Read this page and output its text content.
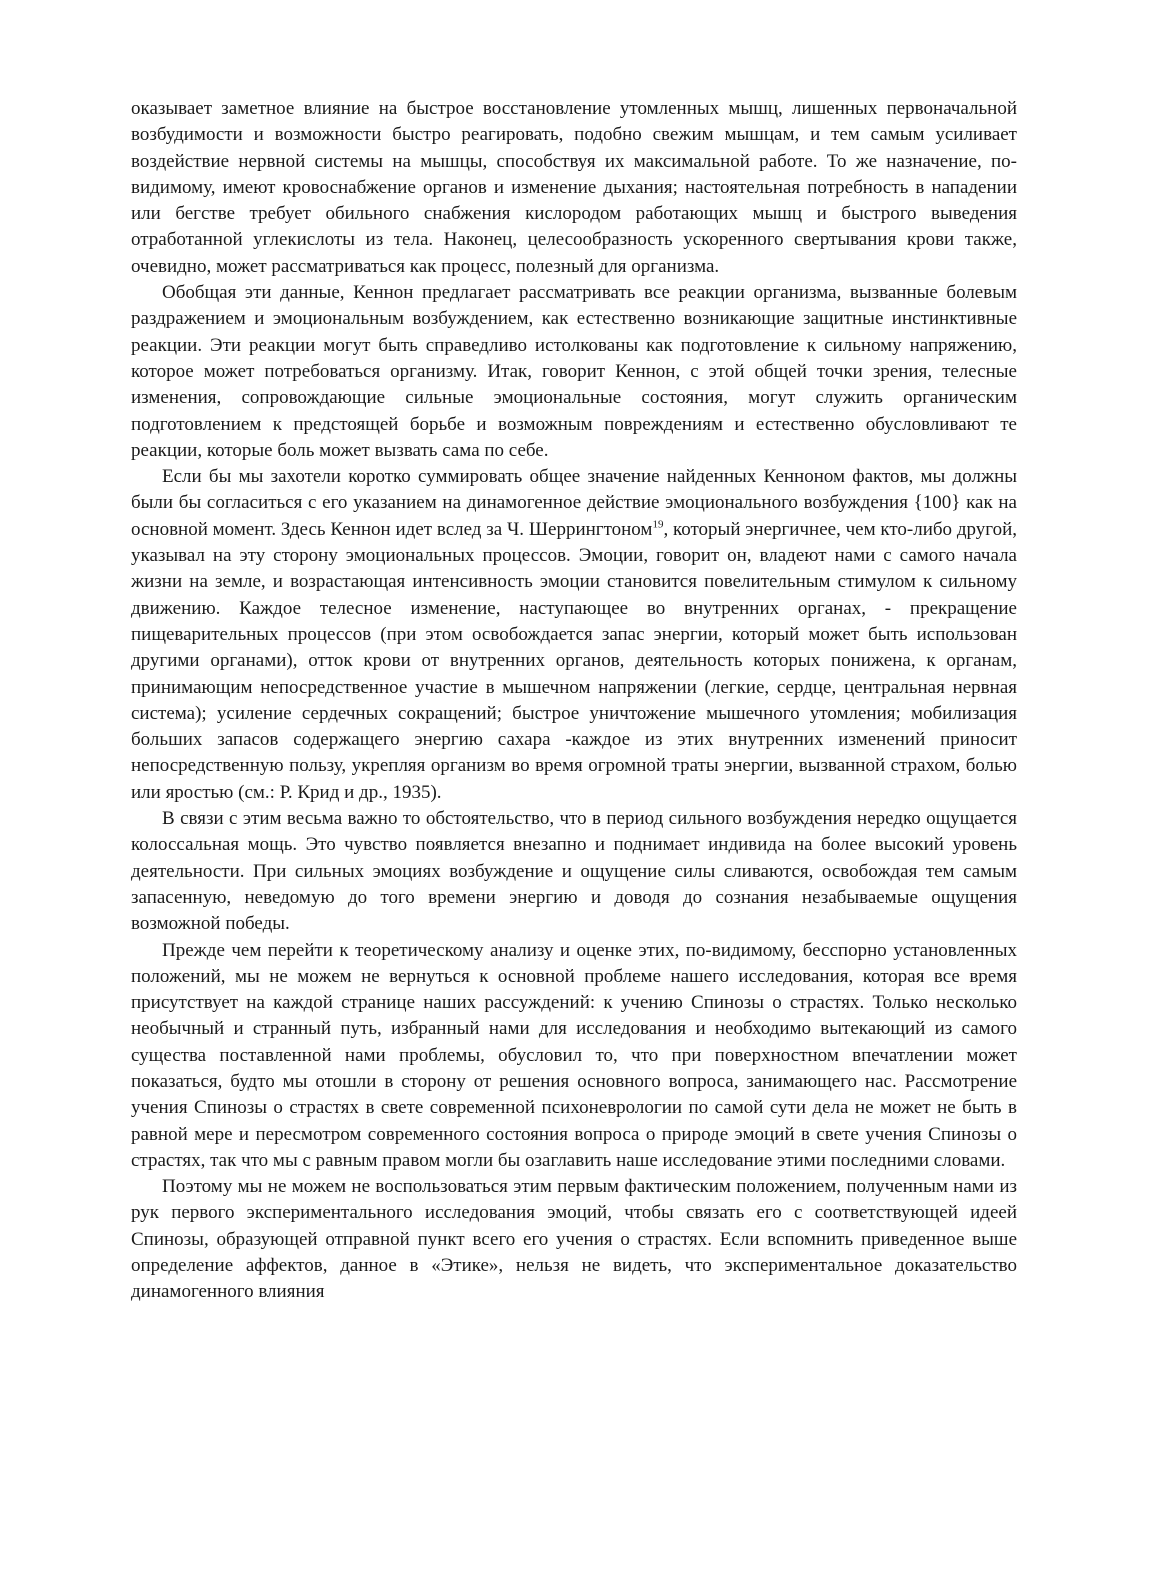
оказывает заметное влияние на быстрое восстановление утомленных мышц, лишенных первоначальной возбудимости и возможности быстро реагировать, подобно свежим мышцам, и тем самым усиливает воздействие нервной системы на мышцы, способствуя их максимальной работе. То же назначение, по-видимому, имеют кровоснабжение органов и изменение дыхания; настоятельная потребность в нападении или бегстве требует обильного снабжения кислородом работающих мышц и быстрого выведения отработанной углекислоты из тела. Наконец, целесообразность ускоренного свертывания крови также, очевидно, может рассматриваться как процесс, полезный для организма.

Обобщая эти данные, Кеннон предлагает рассматривать все реакции организма, вызванные болевым раздражением и эмоциональным возбуждением, как естественно возникающие защитные инстинктивные реакции. Эти реакции могут быть справедливо истолкованы как подготовление к сильному напряжению, которое может потребоваться организму. Итак, говорит Кеннон, с этой общей точки зрения, телесные изменения, сопровождающие сильные эмоциональные состояния, могут служить органическим подготовлением к предстоящей борьбе и возможным повреждениям и естественно обусловливают те реакции, которые боль может вызвать сама по себе.

Если бы мы захотели коротко суммировать общее значение найденных Кенноном фактов, мы должны были бы согласиться с его указанием на динамогенное действие эмоционального возбуждения {100} как на основной момент. Здесь Кеннон идет вслед за Ч. Шеррингтоном$^{19}$, который энергичнее, чем кто-либо другой, указывал на эту сторону эмоциональных процессов. Эмоции, говорит он, владеют нами с самого начала жизни на земле, и возрастающая интенсивность эмоции становится повелительным стимулом к сильному движению. Каждое телесное изменение, наступающее во внутренних органах, - прекращение пищеварительных процессов (при этом освобождается запас энергии, который может быть использован другими органами), отток крови от внутренних органов, деятельность которых понижена, к органам, принимающим непосредственное участие в мышечном напряжении (легкие, сердце, центральная нервная система); усиление сердечных сокращений; быстрое уничтожение мышечного утомления; мобилизация больших запасов содержащего энергию сахара -каждое из этих внутренних изменений приносит непосредственную пользу, укрепляя организм во время огромной траты энергии, вызванной страхом, болью или яростью (см.: Р. Крид и др., 1935).

В связи с этим весьма важно то обстоятельство, что в период сильного возбуждения нередко ощущается колоссальная мощь. Это чувство появляется внезапно и поднимает индивида на более высокий уровень деятельности. При сильных эмоциях возбуждение и ощущение силы сливаются, освобождая тем самым запасенную, неведомую до того времени энергию и доводя до сознания незабываемые ощущения возможной победы.

Прежде чем перейти к теоретическому анализу и оценке этих, по-видимому, бесспорно установленных положений, мы не можем не вернуться к основной проблеме нашего исследования, которая все время присутствует на каждой странице наших рассуждений: к учению Спинозы о страстях. Только несколько необычный и странный путь, избранный нами для исследования и необходимо вытекающий из самого существа поставленной нами проблемы, обусловил то, что при поверхностном впечатлении может показаться, будто мы отошли в сторону от решения основного вопроса, занимающего нас. Рассмотрение учения Спинозы о страстях в свете современной психоневрологии по самой сути дела не может не быть в равной мере и пересмотром современного состояния вопроса о природе эмоций в свете учения Спинозы о страстях, так что мы с равным правом могли бы озаглавить наше исследование этими последними словами.

Поэтому мы не можем не воспользоваться этим первым фактическим положением, полученным нами из рук первого экспериментального исследования эмоций, чтобы связать его с соответствующей идеей Спинозы, образующей отправной пункт всего его учения о страстях. Если вспомнить приведенное выше определение аффектов, данное в «Этике», нельзя не видеть, что экспериментальное доказательство динамогенного влияния
